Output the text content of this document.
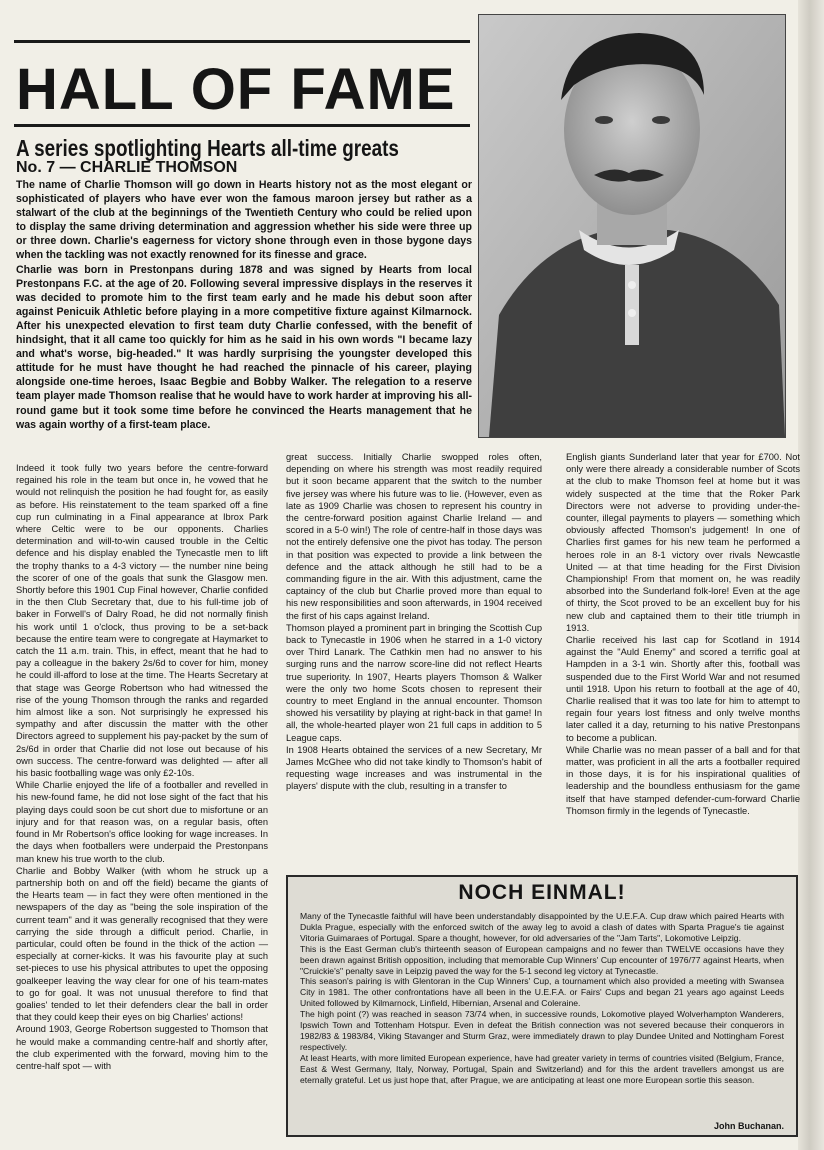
HALL OF FAME
A series spotlighting Hearts all-time greats
No. 7 — CHARLIE THOMSON

The name of Charlie Thomson will go down in Hearts history not as the most elegant or sophisticated of players who have ever won the famous maroon jersey but rather as a stalwart of the club at the beginnings of the Twentieth Century who could be relied upon to display the same driving determination and aggression whether his side were three up or three down. Charlie's eagerness for victory shone through even in those bygone days when the tackling was not exactly renowned for its finesse and grace.

Charlie was born in Prestonpans during 1878 and was signed by Hearts from local Prestonpans F.C. at the age of 20. Following several impressive displays in the reserves it was decided to promote him to the first team early and he made his debut soon after against Penicuik Athletic before playing in a more competitive fixture against Kilmarnock. After his unexpected elevation to first team duty Charlie confessed, with the benefit of hindsight, that it all came too quickly for him as he said in his own words "I became lazy and what's worse, big-headed." It was hardly surprising the youngster developed this attitude for he must have thought he had reached the pinnacle of his career, playing alongside one-time heroes, Isaac Begbie and Bobby Walker. The relegation to a reserve team player made Thomson realise that he would have to work harder at improving his all-round game but it took some time before he convinced the Hearts management that he was again worthy of a first-team place.

Indeed it took fully two years before the centre-forward regained his role in the team but once in, he vowed that he would not relinquish the position he had fought for, as easily as before. His reinstatement to the team sparked off a fine cup run culminating in a Final appearance at Ibrox Park where Celtic were to be our opponents. Charlies determination and will-to-win caused trouble in the Celtic defence and his display enabled the Tynecastle men to lift the trophy thanks to a 4-3 victory — the number nine being the scorer of one of the goals that sunk the Glasgow men. Shortly before this 1901 Cup Final however, Charlie confided in the then Club Secretary that, due to his full-time job of baker in Forwell's of Dalry Road, he did not normally finish his work until 1 o'clock, thus proving to be a set-back because the entire team were to congregate at Haymarket to catch the 11 a.m. train. This, in effect, meant that he had to pay a colleague in the bakery 2s/6d to cover for him, money he could ill-afford to lose at the time. The Hearts Secretary at that stage was George Robertson who had witnessed the rise of the young Thomson through the ranks and regarded him almost like a son. Not surprisingly he expressed his sympathy and after discussin the matter with the other Directors agreed to supplement his pay-packet by the sum of 2s/6d in order that Charlie did not lose out because of his own success. The centre-forward was delighted — after all his basic footballing wage was only £2-10s.

While Charlie enjoyed the life of a footballer and revelled in his new-found fame, he did not lose sight of the fact that his playing days could soon be cut short due to misfortune or an injury and for that reason was, on a regular basis, often found in Mr Robertson's office looking for wage increases. In the days when footballers were underpaid the Prestonpans man knew his true worth to the club.

Charlie and Bobby Walker (with whom he struck up a partnership both on and off the field) became the giants of the Hearts team — in fact they were often mentioned in the newspapers of the day as "being the sole inspiration of the current team" and it was generally recognised that they were carrying the side through a difficult period. Charlie, in particular, could often be found in the thick of the action — especially at corner-kicks. It was his favourite play at such set-pieces to use his physical attributes to upet the opposing goalkeeper leaving the way clear for one of his team-mates to go for goal. It was not unusual therefore to find that goalies' tended to let their defenders clear the ball in order that they could keep their eyes on big Charlies' actions!

Around 1903, George Robertson suggested to Thomson that he would make a commanding centre-half and shortly after, the club experimented with the forward, moving him to the centre-half spot — with

great success. Initially Charlie swopped roles often, depending on where his strength was most readily required but it soon became apparent that the switch to the number five jersey was where his future was to lie. (However, even as late as 1909 Charlie was chosen to represent his country in the centre-forward position against Charlie Ireland — and scored in a 5-0 win!) The role of centre-half in those days was not the entirely defensive one the pivot has today. The person in that position was expected to provide a link between the defence and the attack although he still had to be a commanding figure in the air. With this adjustment, came the captaincy of the club but Charlie proved more than equal to his new responsibilities and soon afterwards, in 1904 received the first of his caps against Ireland.

Thomson played a prominent part in bringing the Scottish Cup back to Tynecastle in 1906 when he starred in a 1-0 victory over Third Lanark. The Cathkin men had no answer to his surging runs and the narrow score-line did not reflect Hearts true superiority. In 1907, Hearts players Thomson & Walker were the only two home Scots chosen to represent their country to meet England in the annual encounter. Thomson showed his versatility by playing at right-back in that game! In all, the whole-hearted player won 21 full caps in addition to 5 League caps.

In 1908 Hearts obtained the services of a new Secretary, Mr James McGhee who did not take kindly to Thomson's habit of requesting wage increases and was instrumental in the players' dispute with the club, resulting in a transfer to

English giants Sunderland later that year for £700. Not only were there already a considerable number of Scots at the club to make Thomson feel at home but it was widely suspected at the time that the Roker Park Directors were not adverse to providing under-the-counter, illegal payments to players — something which obviously affected Thomson's judgement! In one of Charlies first games for his new team he performed a heroes role in an 8-1 victory over rivals Newcastle United — at that time heading for the First Division Championship! From that moment on, he was readily absorbed into the Sunderland folk-lore! Even at the age of thirty, the Scot proved to be an excellent buy for his new club and captained them to their title triumph in 1913.

Charlie received his last cap for Scotland in 1914 against the "Auld Enemy" and scored a terrific goal at Hampden in a 3-1 win. Shortly after this, football was suspended due to the First World War and not resumed until 1918. Upon his return to football at the age of 40, Charlie realised that it was too late for him to attempt to regain four years lost fitness and only twelve months later called it a day, returning to his native Prestonpans to become a publican.

While Charlie was no mean passer of a ball and for that matter, was proficient in all the arts a footballer required in those days, it is for his inspirational qualities of leadership and the boundless enthusiasm for the game itself that have stamped defender-cum-forward Charlie Thomson firmly in the legends of Tynecastle.

NOCH EINMAL!

Many of the Tynecastle faithful will have been understandably disappointed by the U.E.F.A. Cup draw which paired Hearts with Dukla Prague, especially with the enforced switch of the away leg to avoid a clash of dates with Sparta Prague's tie against Vitoria Guimaraes of Portugal. Spare a thought, however, for old adversaries of the "Jam Tarts", Lokomotive Leipzig.

This is the East German club's thirteenth season of European campaigns and no fewer than TWELVE occasions have they been drawn against British opposition, including that memorable Cup Winners' Cup encounter of 1976/77 against Hearts, when "Cruickie's" penalty save in Leipzig paved the way for the 5-1 second leg victory at Tynecastle.

This season's pairing is with Glentoran in the Cup Winners' Cup, a tournament which also provided a meeting with Swansea City in 1981. The other confrontations have all been in the U.E.F.A. or Fairs' Cups and began 21 years ago against Leeds United followed by Kilmarnock, Linfield, Hibernian, Arsenal and Coleraine.

The high point (?) was reached in season 73/74 when, in successive rounds, Lokomotive played Wolverhampton Wanderers, Ipswich Town and Tottenham Hotspur. Even in defeat the British connection was not severed because their conquerors in 1982/83 & 1983/84, Viking Stavanger and Sturm Graz, were immediately drawn to play Dundee United and Nottingham Forest respectively.

At least Hearts, with more limited European experience, have had greater variety in terms of countries visited (Belgium, France, East & West Germany, Italy, Norway, Portugal, Spain and Switzerland) and for this the ardent travellers amongst us are eternally grateful. Let us just hope that, after Prague, we are anticipating at least one more European sortie this season.

John Buchanan.
